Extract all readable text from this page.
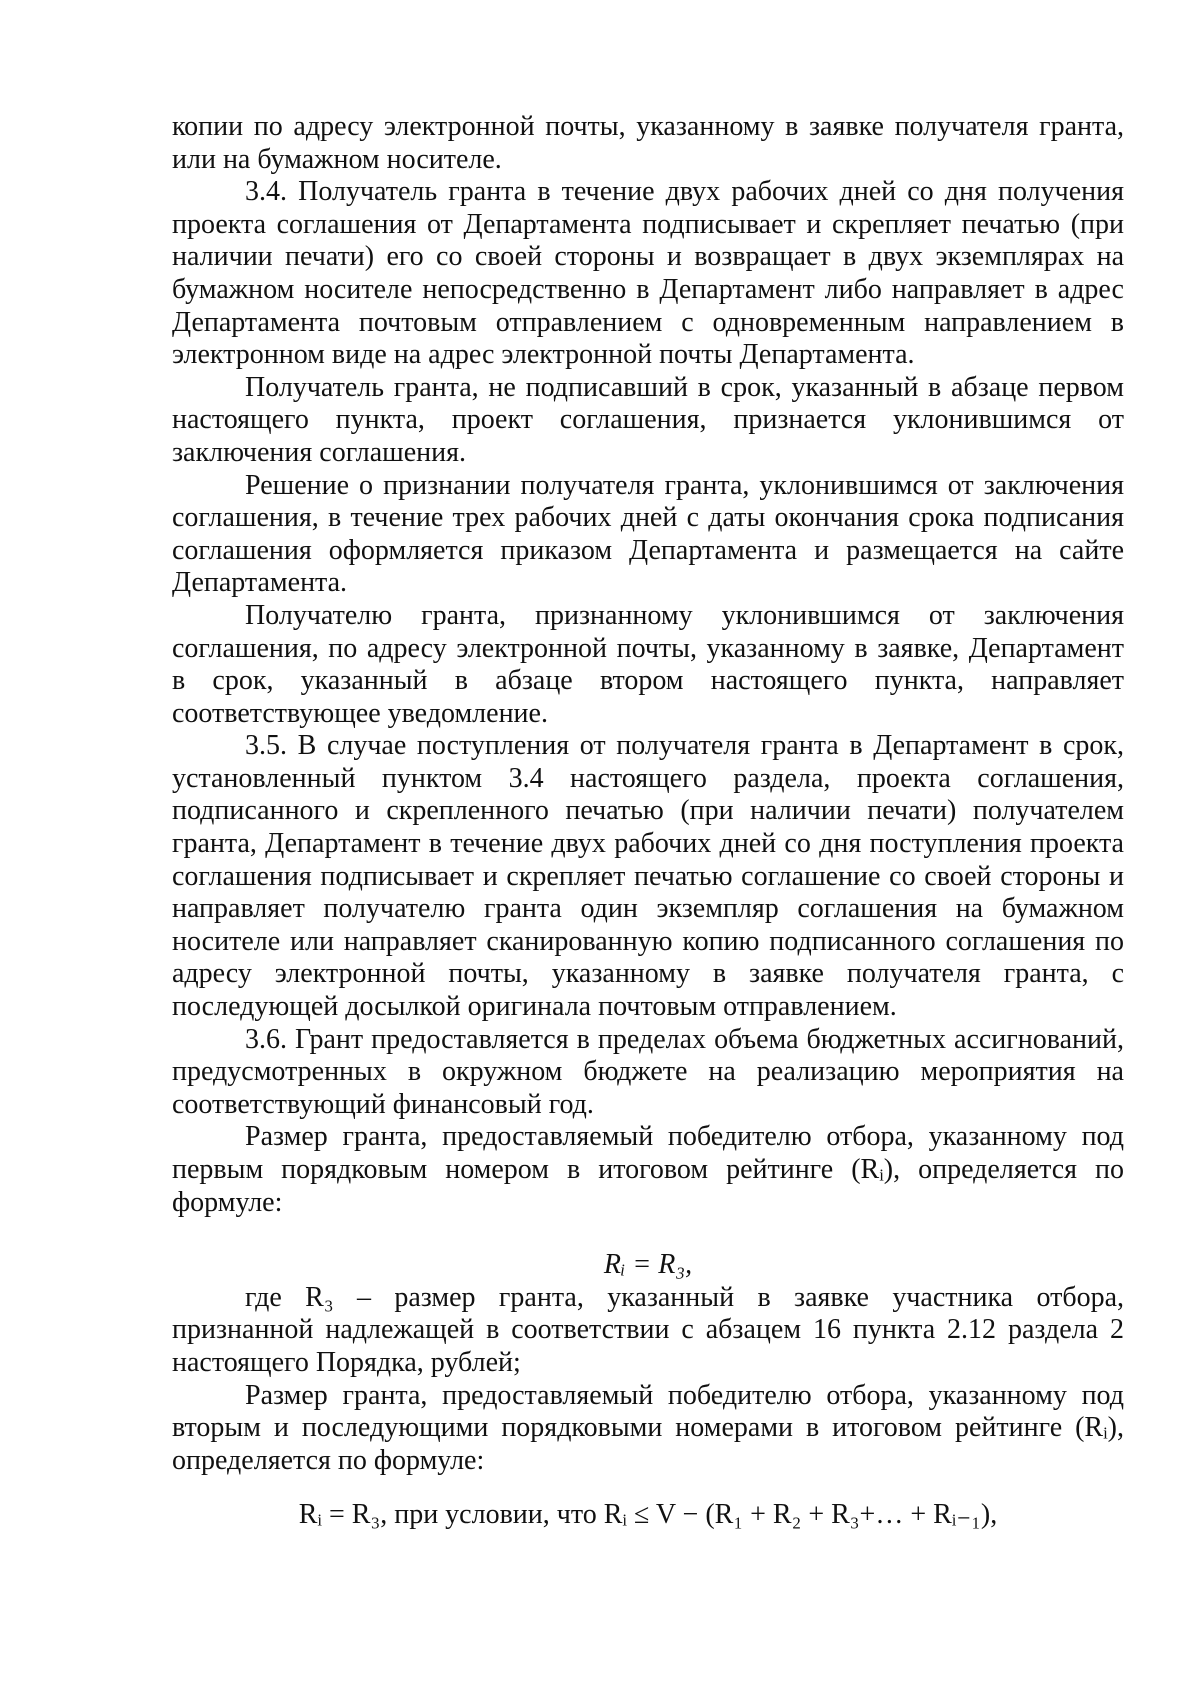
копии по адресу электронной почты, указанному в заявке получателя гранта,
или на бумажном носителе.
3.4. Получатель гранта в течение двух рабочих дней со дня получения
проекта соглашения от Департамента подписывает и скрепляет печатью (при
наличии печати) его со своей стороны и возвращает в двух экземплярах на
бумажном носителе непосредственно в Департамент либо направляет в адрес
Департамента почтовым отправлением с одновременным направлением в
электронном виде на адрес электронной почты Департамента.
Получатель гранта, не подписавший в срок, указанный в абзаце первом
настоящего пункта, проект соглашения, признается уклонившимся от
заключения соглашения.
Решение о признании получателя гранта, уклонившимся от заключения
соглашения, в течение трех рабочих дней с даты окончания срока подписания
соглашения оформляется приказом Департамента и размещается на сайте
Департамента.
Получателю гранта, признанному уклонившимся от заключения
соглашения, по адресу электронной почты, указанному в заявке, Департамент
в срок, указанный в абзаце втором настоящего пункта, направляет
соответствующее уведомление.
3.5. В случае поступления от получателя гранта в Департамент в срок,
установленный пунктом 3.4 настоящего раздела, проекта соглашения,
подписанного и скрепленного печатью (при наличии печати) получателем
гранта, Департамент в течение двух рабочих дней со дня поступления проекта
соглашения подписывает и скрепляет печатью соглашение со своей стороны и
направляет получателю гранта один экземпляр соглашения на бумажном
носителе или направляет сканированную копию подписанного соглашения по
адресу электронной почты, указанному в заявке получателя гранта, с
последующей досылкой оригинала почтовым отправлением.
3.6. Грант предоставляется в пределах объема бюджетных ассигнований,
предусмотренных в окружном бюджете на реализацию мероприятия на
соответствующий финансовый год.
Размер гранта, предоставляемый победителю отбора, указанному под
первым порядковым номером в итоговом рейтинге (Rᵢ), определяется по
формуле:
Rᵢ = R₃,
где R₃ – размер гранта, указанный в заявке участника отбора,
признанной надлежащей в соответствии с абзацем 16 пункта 2.12 раздела 2
настоящего Порядка, рублей;
Размер гранта, предоставляемый победителю отбора, указанному под
вторым и последующими порядковыми номерами в итоговом рейтинге (Rᵢ),
определяется по формуле:
Rᵢ = R₃, при условии, что Rᵢ ≤ V − (R₁ + R₂ + R₃+… + Rᵢ₋₁),
